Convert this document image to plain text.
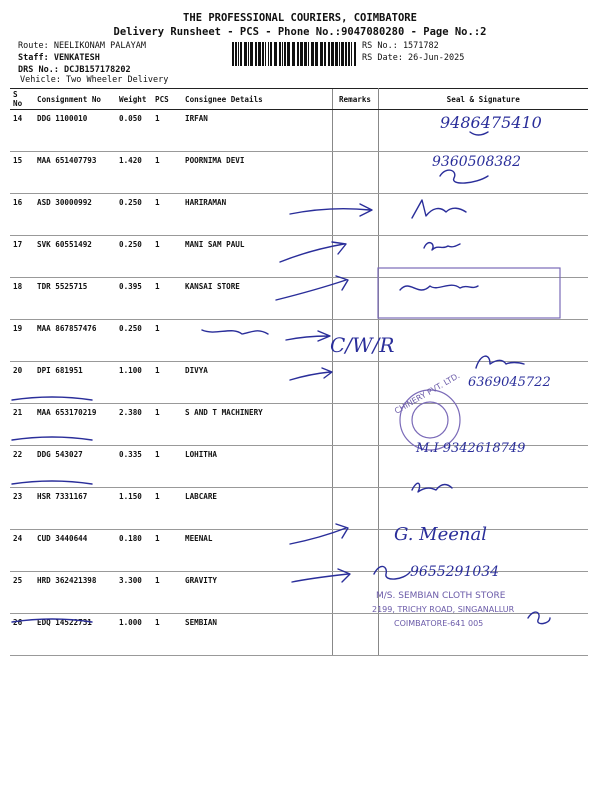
THE PROFESSIONAL COURIERS, COIMBATORE
Delivery Runsheet - PCS - Phone No.:9047080280 - Page No.:2
Route: NEELIKONAM PALAYAM
Staff: VENKATESH
DRS No.: DCJB157178202
Vehicle: Two Wheeler Delivery
RS No.: 1571782
RS Date: 26-Jun-2025
S No	Consignment No	Weight	PCS	Consignee Details	Remarks	Seal & Signature
14	DDG 1100010	0.050	1	IRFAN		
15	MAA 651407793	1.420	1	POORNIMA DEVI		
16	ASD 30000992	0.250	1	HARIRAMAN		
17	SVK 60551492	0.250	1	MANI SAM PAUL		
18	TDR 5525715	0.395	1	KANSAI STORE		
19	MAA 867857476	0.250	1			
20	DPI 681951	1.100	1	DIVYA		
21	MAA 653170219	2.380	1	S AND T MACHINERY		
22	DDG 543027	0.335	1	LOHITHA		
23	HSR 7331167	1.150	1	LABCARE		
24	CUD 3440644	0.180	1	MEENAL		
25	HRD 362421398	3.300	1	GRAVITY		
26	EDQ 14522731	1.000	1	SEMBIAN		
9486475410
9360508382
C/W/R
6369045722
CHINERY PVT. LTD.
M.I 9342618749
G. Meenal
9655291034
M/S. SEMBIAN CLOTH STORE
2199, TRICHY ROAD, SINGANALLUR
COIMBATORE-641 005
